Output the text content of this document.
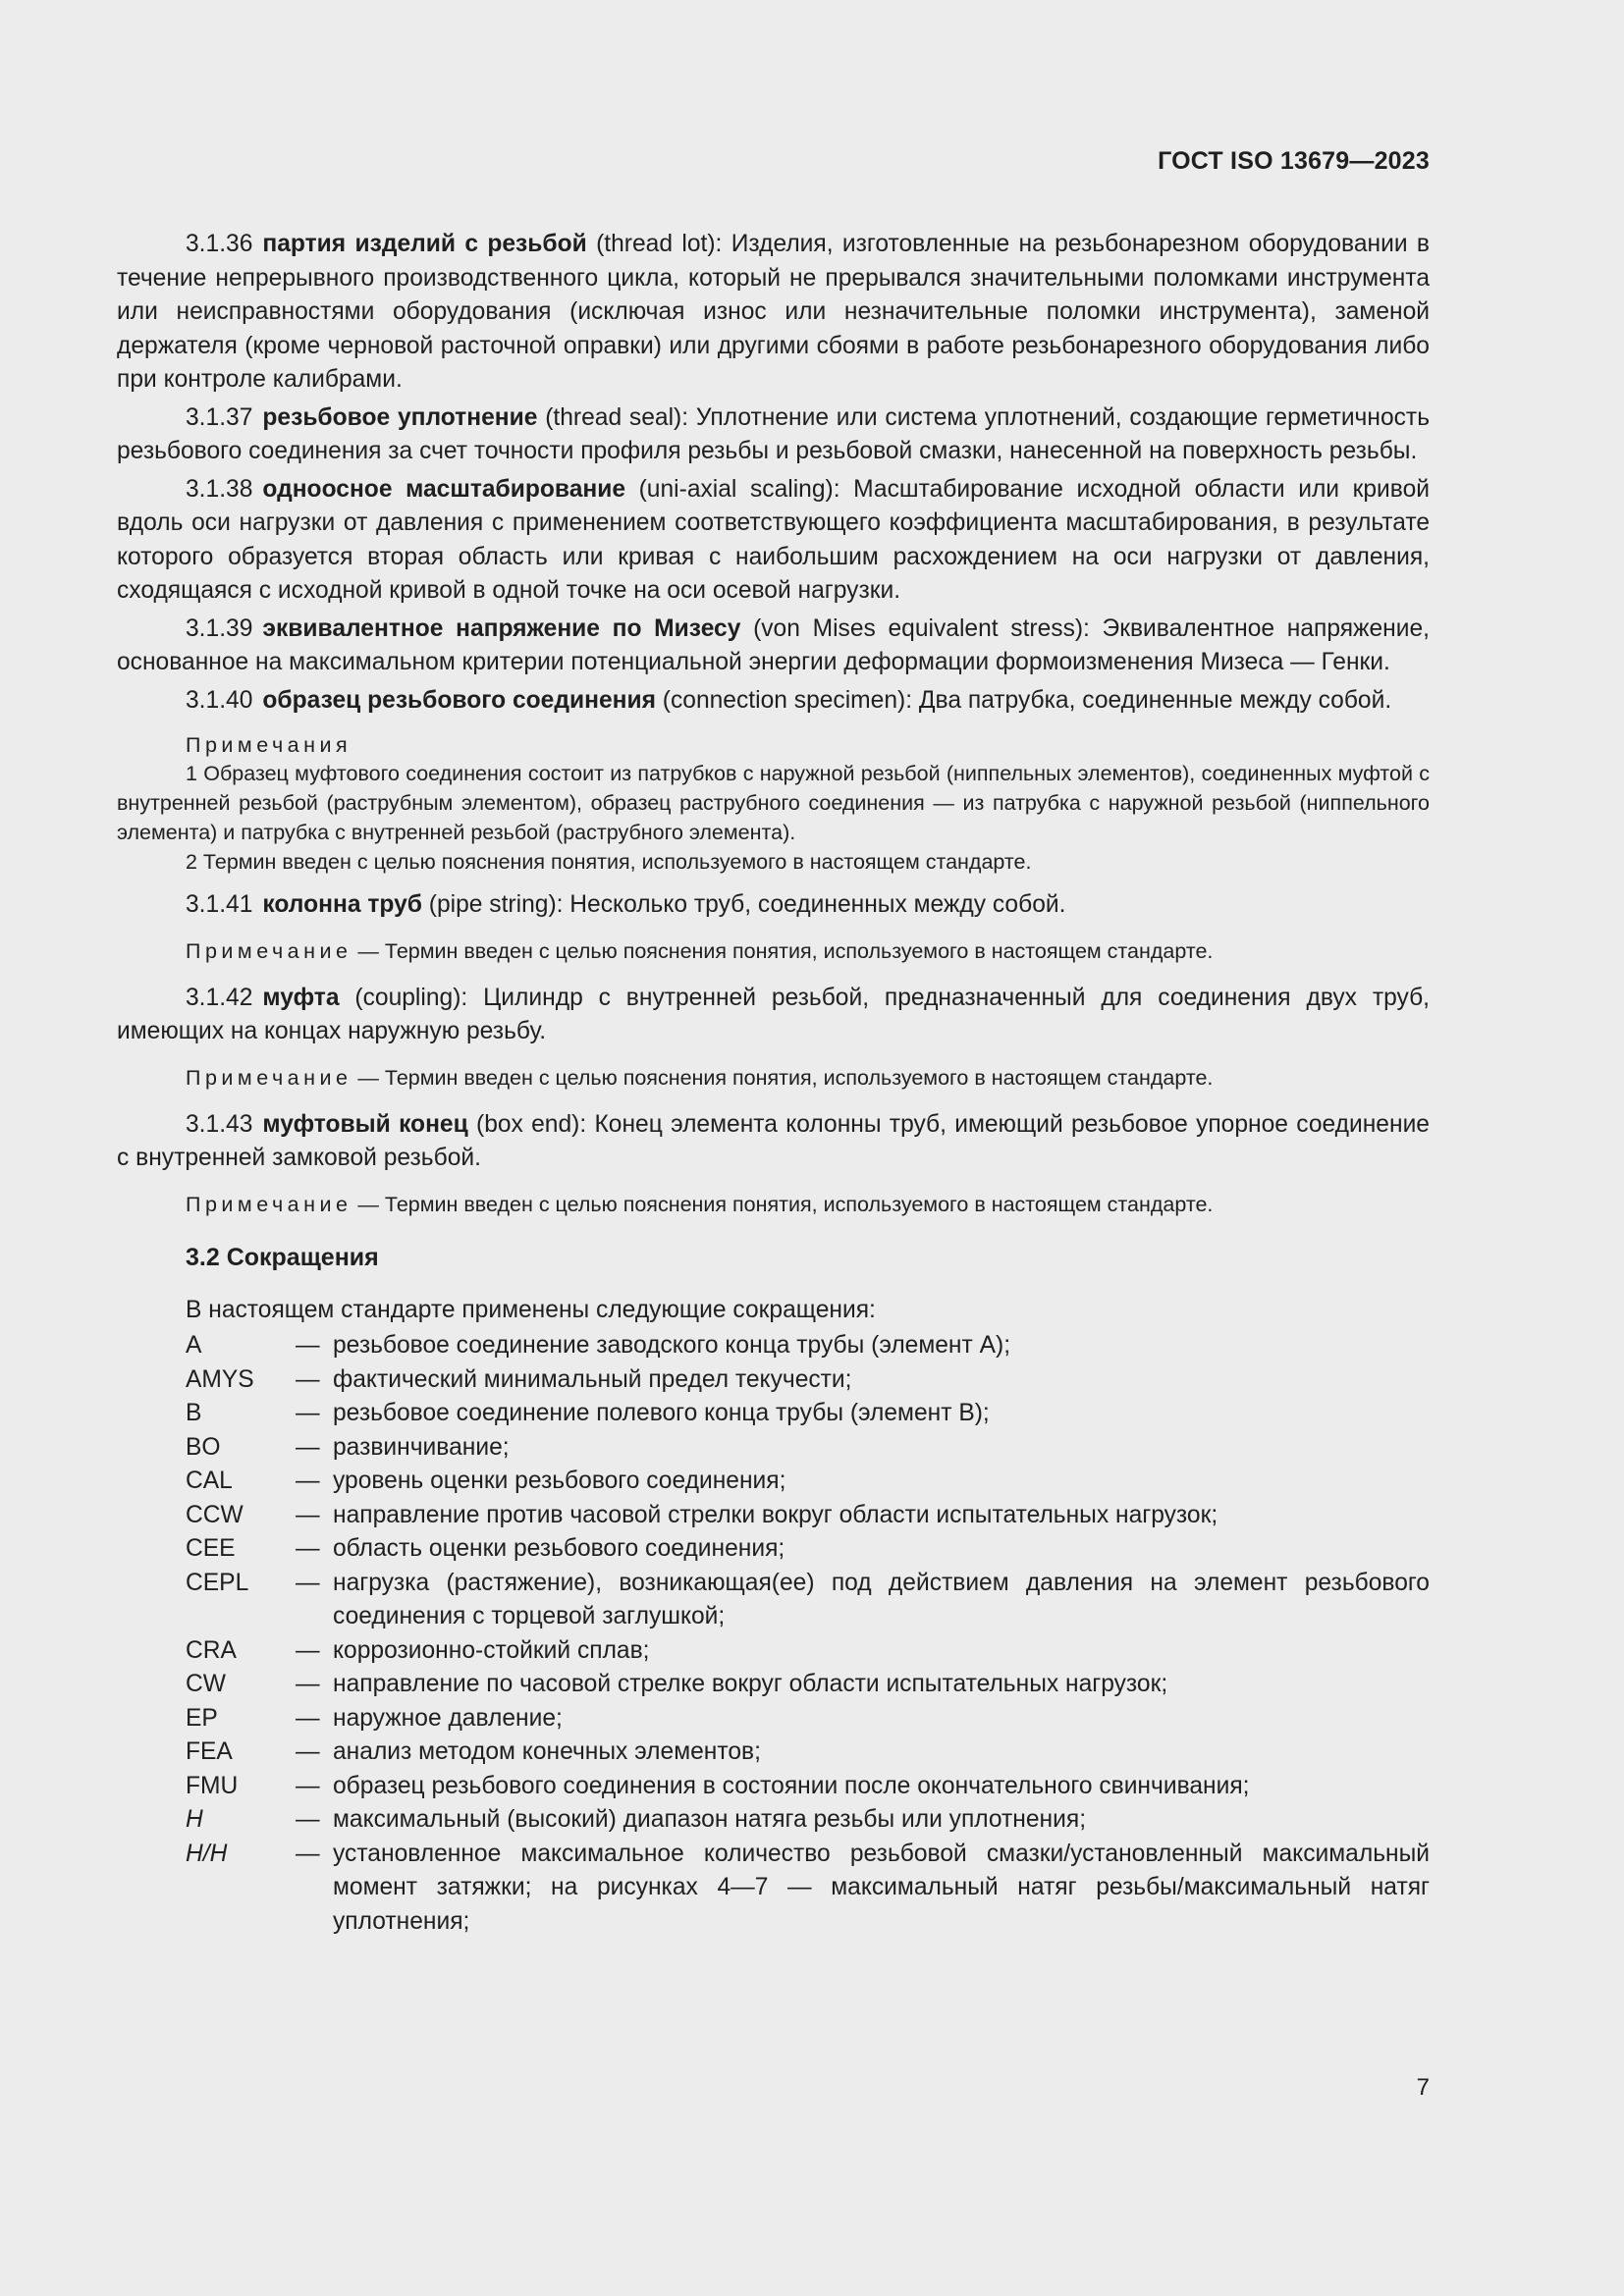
ГОСТ ISO 13679—2023

3.1.36 партия изделий с резьбой (thread lot): Изделия, изготовленные на резьбонарезном оборудовании в течение непрерывного производственного цикла, который не прерывался значительными поломками инструмента или неисправностями оборудования (исключая износ или незначительные поломки инструмента), заменой держателя (кроме черновой расточной оправки) или другими сбоями в работе резьбонарезного оборудования либо при контроле калибрами.

3.1.37 резьбовое уплотнение (thread seal): Уплотнение или система уплотнений, создающие герметичность резьбового соединения за счет точности профиля резьбы и резьбовой смазки, нанесенной на поверхность резьбы.

3.1.38 одноосное масштабирование (uni-axial scaling): Масштабирование исходной области или кривой вдоль оси нагрузки от давления с применением соответствующего коэффициента масштабирования, в результате которого образуется вторая область или кривая с наибольшим расхождением на оси нагрузки от давления, сходящаяся с исходной кривой в одной точке на оси осевой нагрузки.

3.1.39 эквивалентное напряжение по Мизесу (von Mises equivalent stress): Эквивалентное напряжение, основанное на максимальном критерии потенциальной энергии деформации формоизменения Мизеса — Генки.

3.1.40 образец резьбового соединения (connection specimen): Два патрубка, соединенные между собой.

Примечания

1 Образец муфтового соединения состоит из патрубков с наружной резьбой (ниппельных элементов), соединенных муфтой с внутренней резьбой (раструбным элементом), образец раструбного соединения — из патрубка с наружной резьбой (ниппельного элемента) и патрубка с внутренней резьбой (раструбного элемента).

2 Термин введен с целью пояснения понятия, используемого в настоящем стандарте.

3.1.41 колонна труб (pipe string): Несколько труб, соединенных между собой.

Примечание — Термин введен с целью пояснения понятия, используемого в настоящем стандарте.

3.1.42 муфта (coupling): Цилиндр с внутренней резьбой, предназначенный для соединения двух труб, имеющих на концах наружную резьбу.

Примечание — Термин введен с целью пояснения понятия, используемого в настоящем стандарте.

3.1.43 муфтовый конец (box end): Конец элемента колонны труб, имеющий резьбовое упорное соединение с внутренней замковой резьбой.

Примечание — Термин введен с целью пояснения понятия, используемого в настоящем стандарте.
3.2 Сокращения
В настоящем стандарте применены следующие сокращения:
A	— резьбовое соединение заводского конца трубы (элемент A);
AMYS	— фактический минимальный предел текучести;
B	— резьбовое соединение полевого конца трубы (элемент B);
BO	— развинчивание;
CAL	— уровень оценки резьбового соединения;
CCW	— направление против часовой стрелки вокруг области испытательных нагрузок;
CEE	— область оценки резьбового соединения;
CEPL	— нагрузка (растяжение), возникающая(ее) под действием давления на элемент резьбового соединения с торцевой заглушкой;
CRA	— коррозионно-стойкий сплав;
CW	— направление по часовой стрелке вокруг области испытательных нагрузок;
EP	— наружное давление;
FEA	— анализ методом конечных элементов;
FMU	— образец резьбового соединения в состоянии после окончательного свинчивания;
H	— максимальный (высокий) диапазон натяга резьбы или уплотнения;
H/H	— установленное максимальное количество резьбовой смазки/установленный максимальный момент затяжки; на рисунках 4—7 — максимальный натяг резьбы/максимальный натяг уплотнения;
7
